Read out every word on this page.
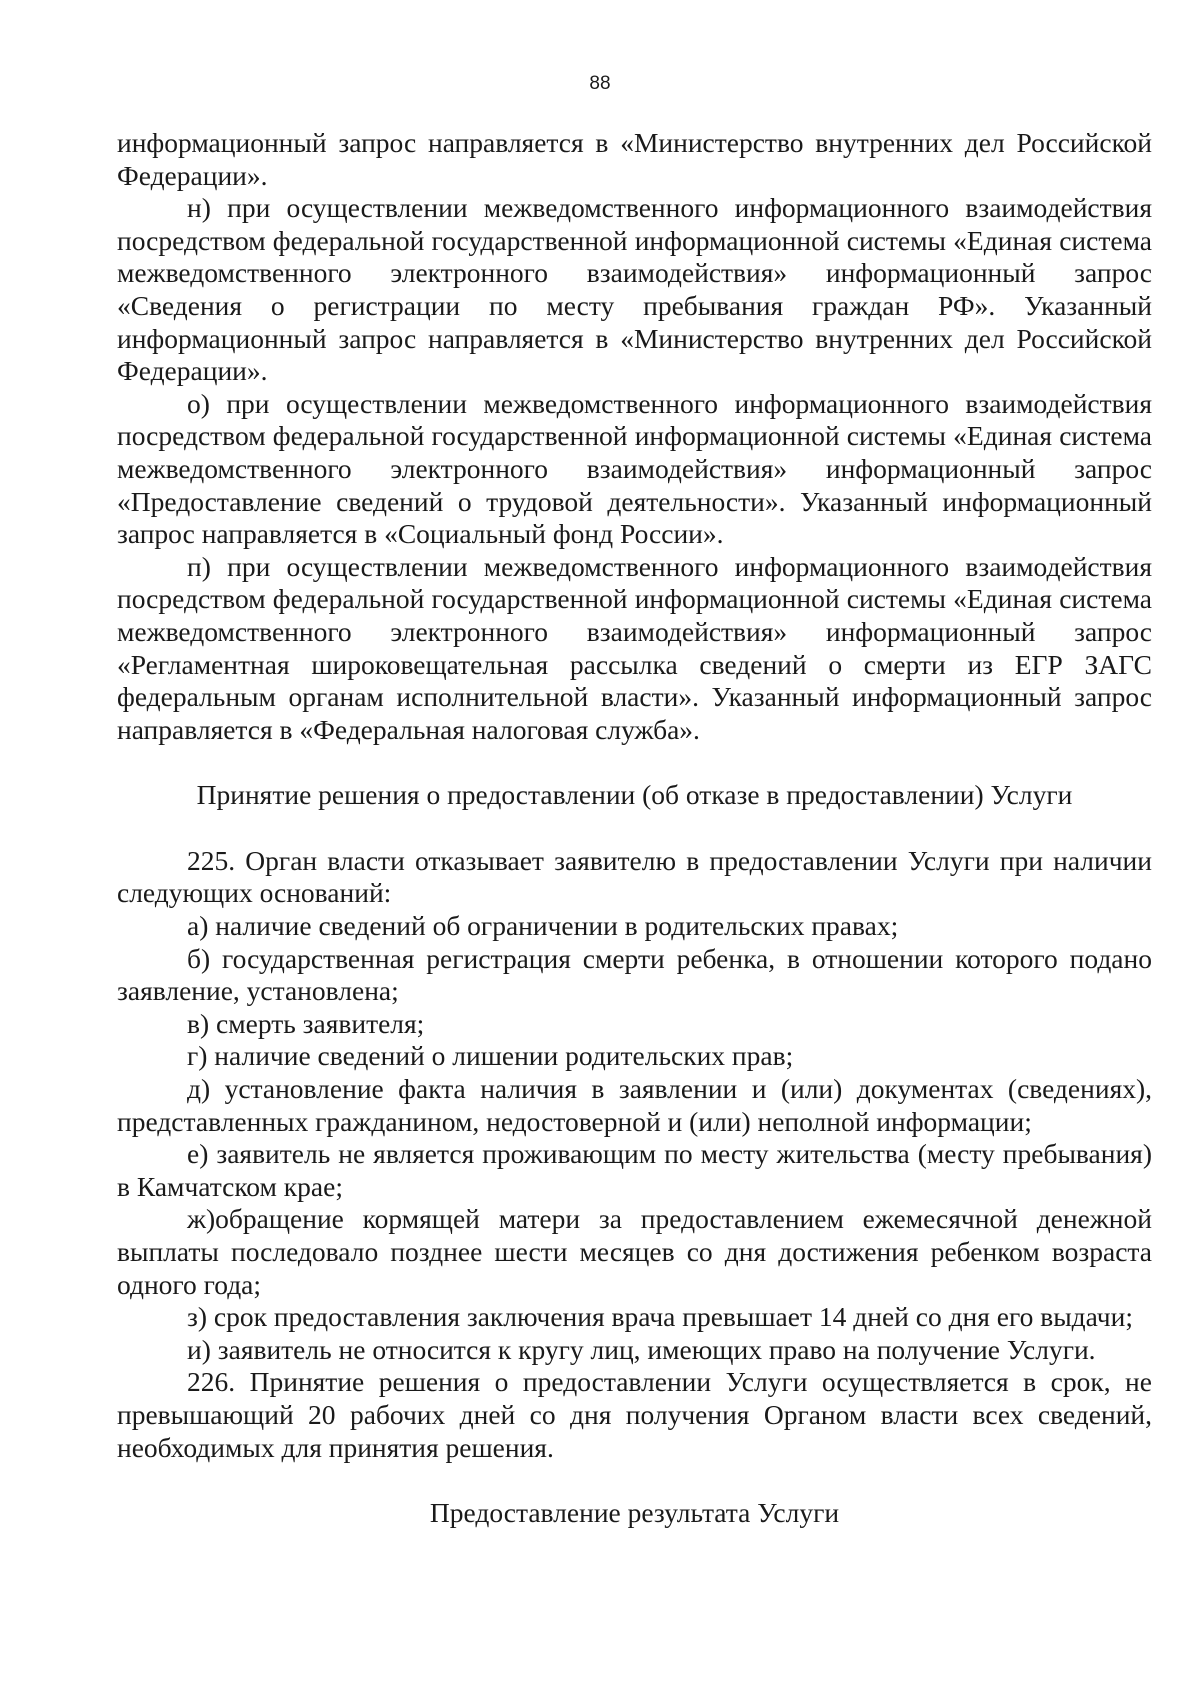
88

информационный запрос направляется в «Министерство внутренних дел Российской Федерации».

н) при осуществлении межведомственного информационного взаимодействия посредством федеральной государственной информационной системы «Единая система межведомственного электронного взаимодействия» информационный запрос «Сведения о регистрации по месту пребывания граждан РФ». Указанный информационный запрос направляется в «Министерство внутренних дел Российской Федерации».

о) при осуществлении межведомственного информационного взаимодействия посредством федеральной государственной информационной системы «Единая система межведомственного электронного взаимодействия» информационный запрос «Предоставление сведений о трудовой деятельности». Указанный информационный запрос направляется в «Социальный фонд России».

п) при осуществлении межведомственного информационного взаимодействия посредством федеральной государственной информационной системы «Единая система межведомственного электронного взаимодействия» информационный запрос «Регламентная широковещательная рассылка сведений о смерти из ЕГР ЗАГС федеральным органам исполнительной власти». Указанный информационный запрос направляется в «Федеральная налоговая служба».

Принятие решения о предоставлении (об отказе в предоставлении) Услуги

225. Орган власти отказывает заявителю в предоставлении Услуги при наличии следующих оснований:

а) наличие сведений об ограничении в родительских правах;

б) государственная регистрация смерти ребенка, в отношении которого подано заявление, установлена;

в) смерть заявителя;

г) наличие сведений о лишении родительских прав;

д) установление факта наличия в заявлении и (или) документах (сведениях), представленных гражданином, недостоверной и (или) неполной информации;

е) заявитель не является проживающим по месту жительства (месту пребывания) в Камчатском крае;

ж)обращение кормящей матери за предоставлением ежемесячной денежной выплаты последовало позднее шести месяцев со дня достижения ребенком возраста одного года;

з) срок предоставления заключения врача превышает 14 дней со дня его выдачи;

и) заявитель не относится к кругу лиц, имеющих право на получение Услуги.

226. Принятие решения о предоставлении Услуги осуществляется в срок, не превышающий 20 рабочих дней со дня получения Органом власти всех сведений, необходимых для принятия решения.

Предоставление результата Услуги
